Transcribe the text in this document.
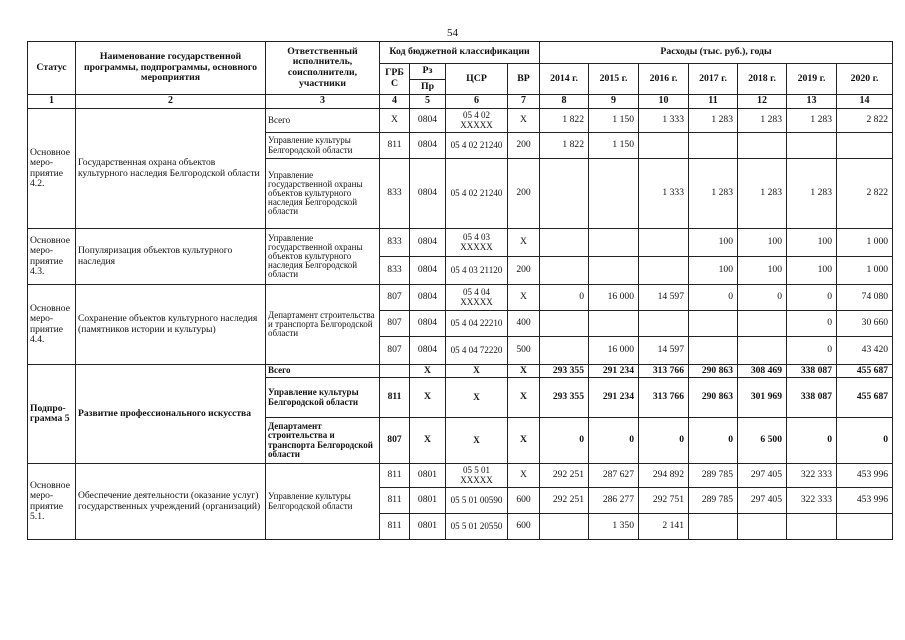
54
Статус	Наименование государственной программы, подпрограммы, основного мероприятия	Ответственный исполнитель, соисполнители, участники	Код бюджетной классификации				Расходы (тыс. руб.), годы						
			ГРБ С	Рз	ЦСР	ВР	2014 г.	2015 г.	2016 г.	2017 г.	2018 г.	2019 г.	2020 г.
				Пр									
1	2	3	4	5	6	7	8	9	10	11	12	13	14
Основное меро-приятие 4.2.	Государственная охрана объектов культурного наследия Белгородской области	Всего	Х	0804	05 4 02 ХХХХХ	Х	1 822	1 150	1 333	1 283	1 283	1 283	2 822
		Управление культуры Белгородской области	811	0804	05 4 02 21240	200	1 822	1 150					
		Управление государственной охраны объектов культурного наследия Белгородской области	833	0804	05 4 02 21240	200			1 333	1 283	1 283	1 283	2 822
Основное меро-приятие 4.3.	Популяризация объектов культурного наследия	Управление государственной охраны объектов культурного наследия Белгородской области	833	0804	05 4 03 ХХХХХ	Х				100	100	100	1 000
			833	0804	05 4 03 21120	200				100	100	100	1 000
Основное меро-приятие 4.4.	Сохранение объектов культурного наследия (памятников истории и культуры)	Департамент строительства и транспорта Белгородской области	807	0804	05 4 04 ХХХХХ	Х	0	16 000	14 597	0	0	0	74 080
			807	0804	05 4 04 22210	400						0	30 660
			807	0804	05 4 04 72220	500		16 000	14 597			0	43 420
Подпро-грамма 5	Развитие профессионального искусства	Всего		Х	Х	Х	293 355	291 234	313 766	290 863	308 469	338 087	455 687
		Управление культуры Белгородской области	811	Х	Х	Х	293 355	291 234	313 766	290 863	301 969	338 087	455 687
		Департамент строительства и транспорта Белгородской области	807	Х	Х	Х	0	0	0	0	6 500	0	0
Основное меро-приятие 5.1.	Обеспечение деятельности (оказание услуг) государственных учреждений (организаций)	Управление культуры Белгородской области	811	0801	05 5 01 ХХХХХ	Х	292 251	287 627	294 892	289 785	297 405	322 333	453 996
			811	0801	05 5 01 00590	600	292 251	286 277	292 751	289 785	297 405	322 333	453 996
			811	0801	05 5 01 20550	600		1 350	2 141				
